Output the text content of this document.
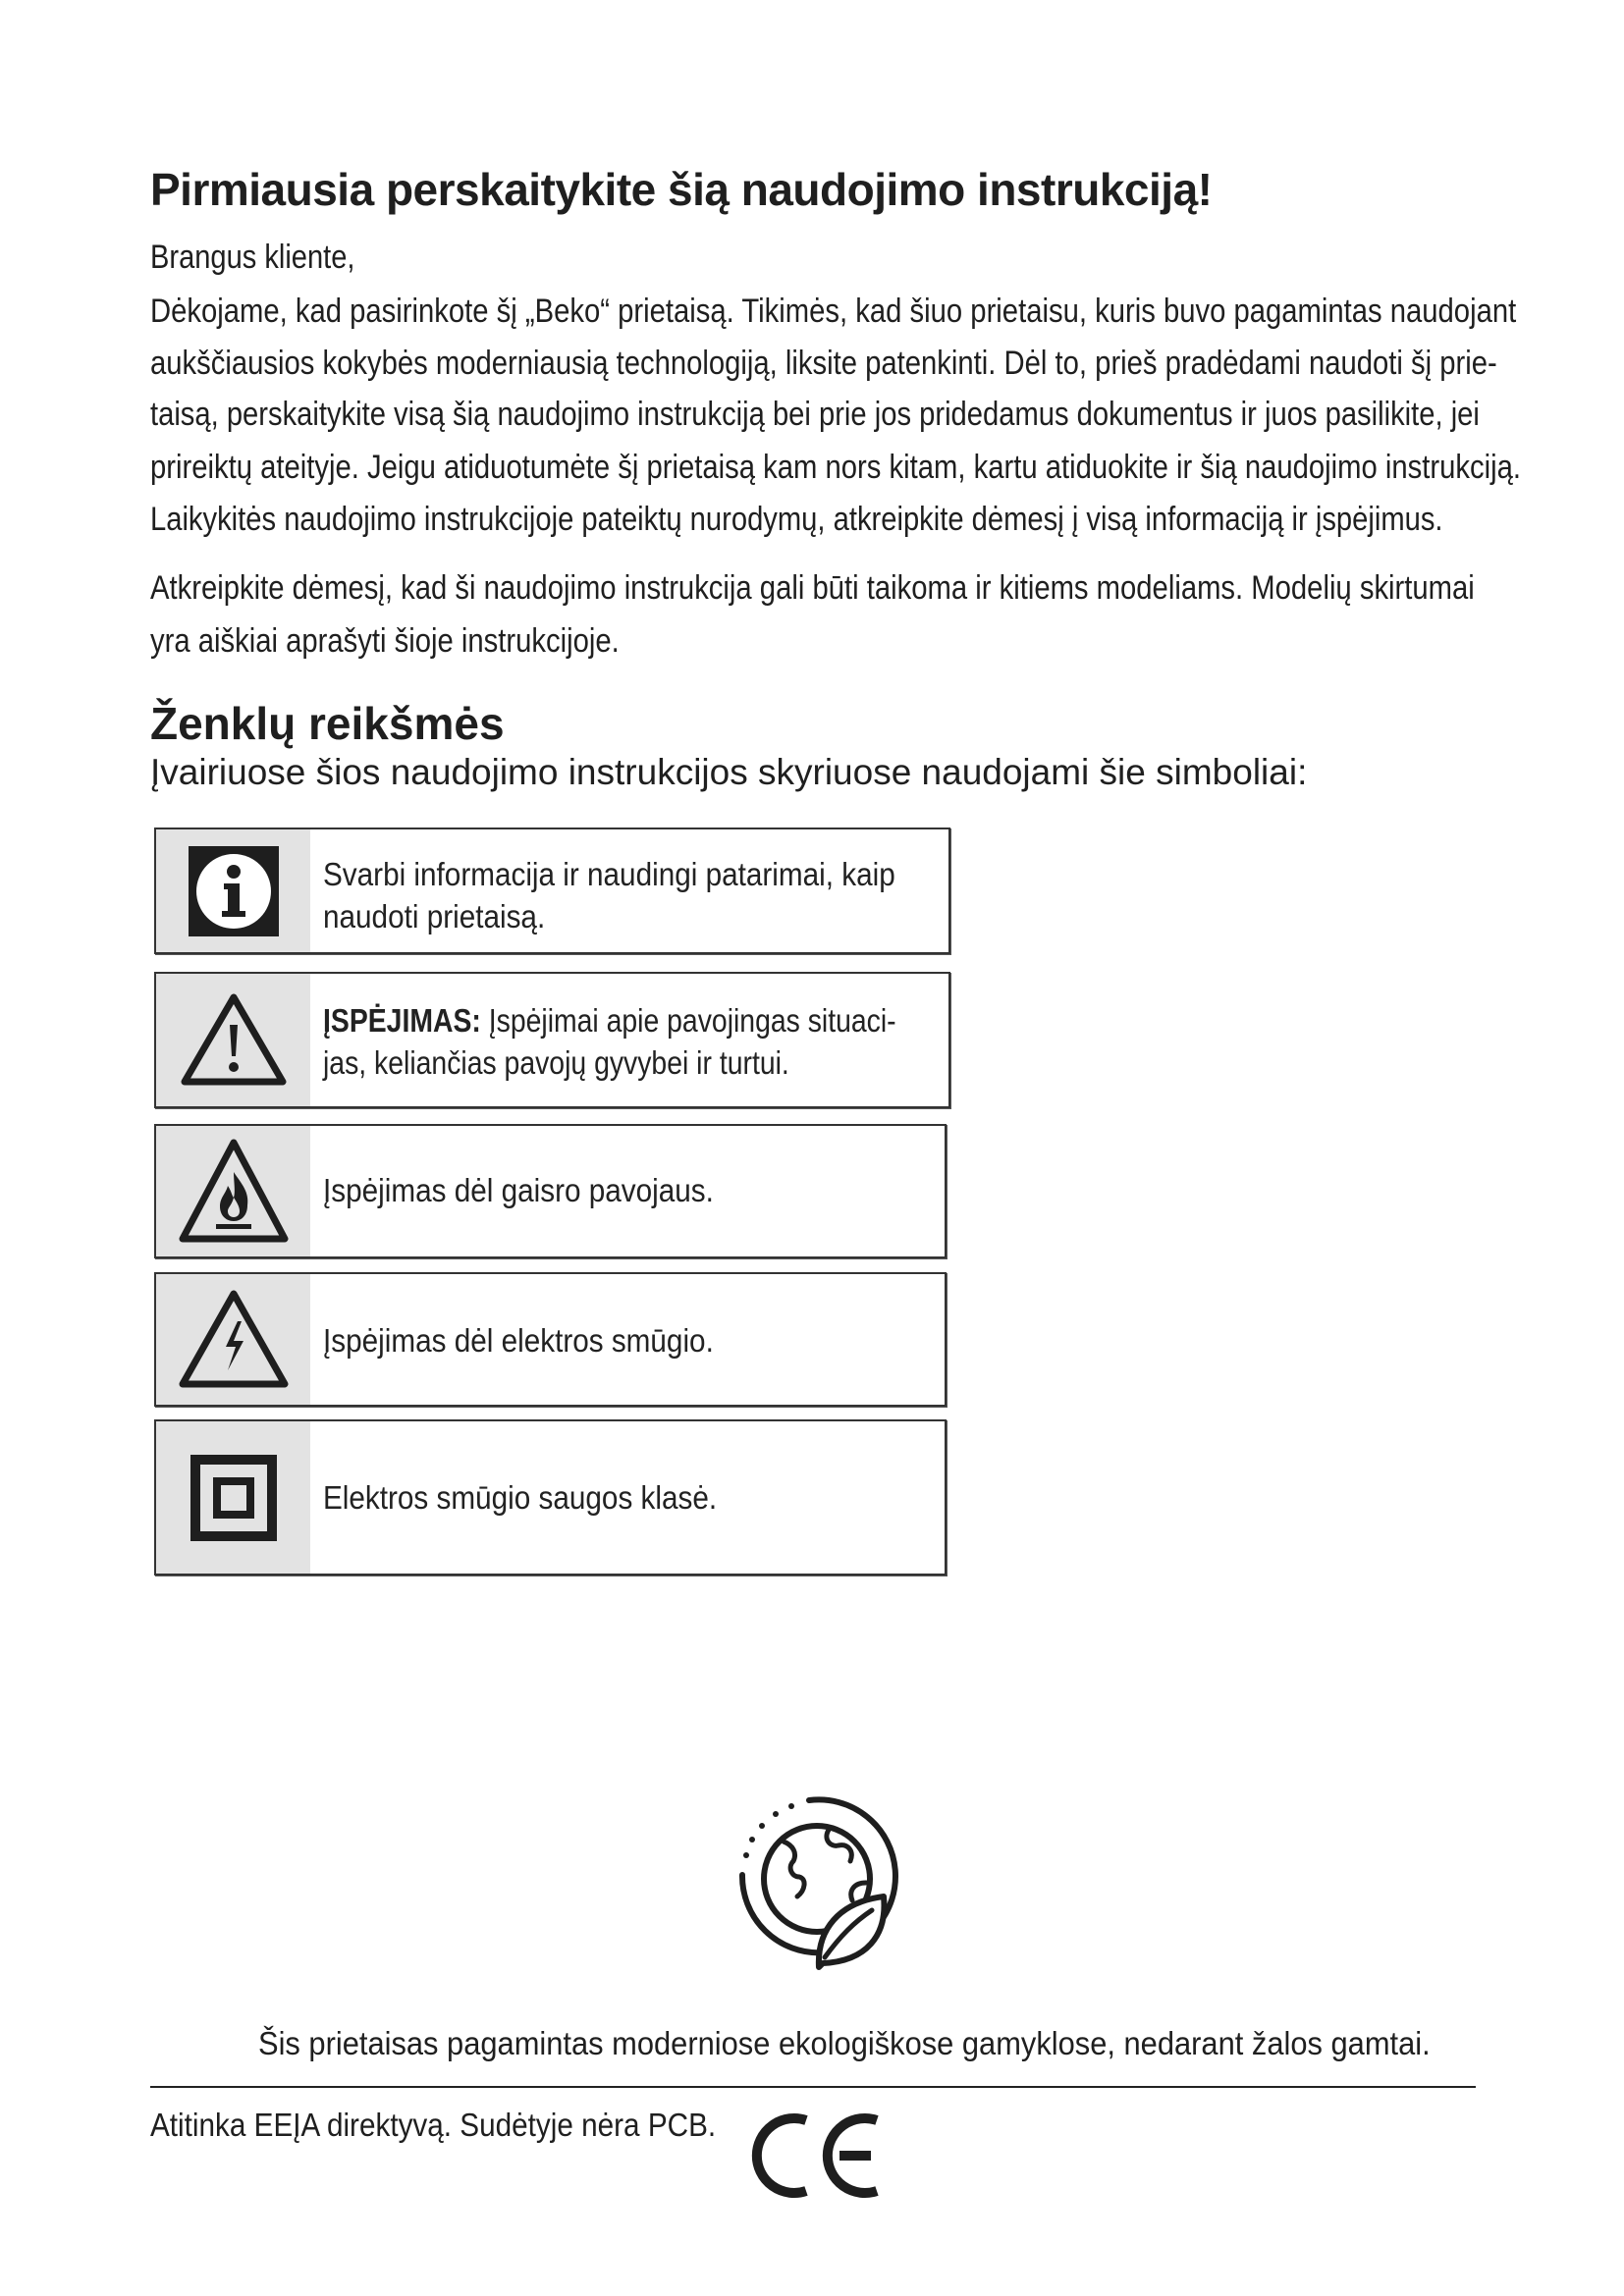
Pirmiausia perskaitykite šią naudojimo instrukciją!
Brangus kliente,
Dėkojame, kad pasirinkote šį „Beko“ prietaisą. Tikimės, kad šiuo prietaisu, kuris buvo pagamintas naudojant
aukščiausios kokybės moderniausią technologiją, liksite patenkinti. Dėl to, prieš pradėdami naudoti šį prie-
taisą, perskaitykite visą šią naudojimo instrukciją bei prie jos pridedamus dokumentus ir juos pasilikite, jei
prireiktų ateityje. Jeigu atiduotumėte šį prietaisą kam nors kitam, kartu atiduokite ir šią naudojimo instrukciją.
Laikykitės naudojimo instrukcijoje pateiktų nurodymų, atkreipkite dėmesį į visą informaciją ir įspėjimus.
Atkreipkite dėmesį, kad ši naudojimo instrukcija gali būti taikoma ir kitiems modeliams. Modelių skirtumai
yra aiškiai aprašyti šioje instrukcijoje.
Ženklų reikšmės
Įvairiuose šios naudojimo instrukcijos skyriuose naudojami šie simboliai:
Svarbi informacija ir naudingi patarimai, kaip
naudoti prietaisą.
ĮSPĖJIMAS: Įspėjimai apie pavojingas situaci-
jas, keliančias pavojų gyvybei ir turtui.
Įspėjimas dėl gaisro pavojaus.
Įspėjimas dėl elektros smūgio.
Elektros smūgio saugos klasė.
Šis prietaisas pagamintas moderniose ekologiškose gamyklose, nedarant žalos gamtai.
Atitinka EEĮA direktyvą. Sudėtyje nėra PCB.
